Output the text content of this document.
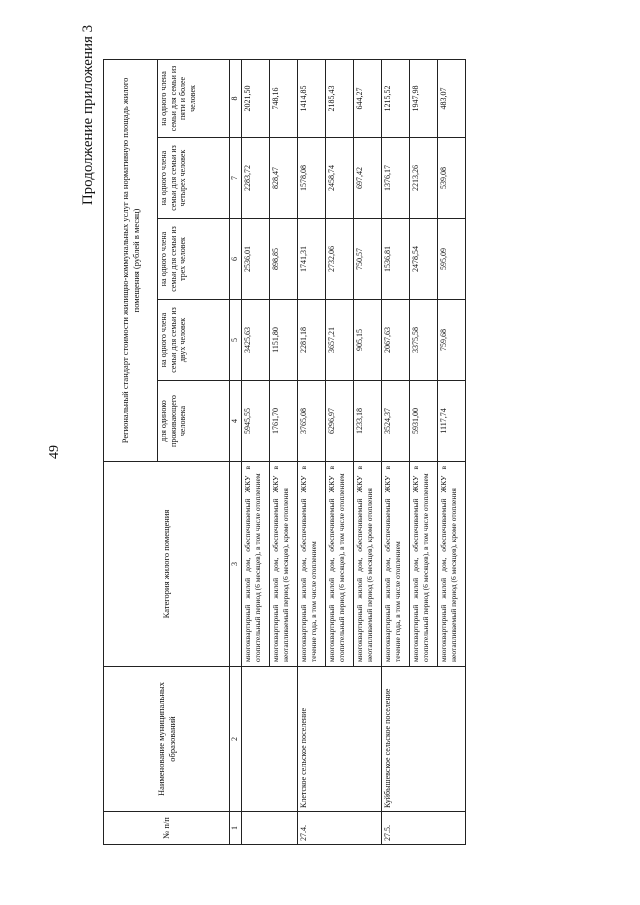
49
Продолжение приложения 3
№ п/п	Наименование муниципальных образований	Категория жилого помещения	Региональный стандарт стоимости жилищно-коммунальных услуг на нормативную площадь жилого помещения (рублей в месяц)				
			для одиноко проживающего человека	на одного члена семьи для семьи из двух человек	на одного члена семьи для семьи из трех человек	на одного члена семьи для семьи из четырех человек	на одного члена семьи для семьи из пяти и более человек
1	2	3	4	5	6	7	8
		многоквартирный жилой дом, обеспечиваемый ЖКУ в отопительный период (6 месяцев), в том числе отоплением	5945,55	3425,63	2536,01	2283,72	2021,50
		многоквартирный жилой дом, обеспечиваемый ЖКУ в неотапливаемый период (6 месяцев), кроме отопления	1761,70	1151,80	898,85	828,47	748,16
27.4.	Клетское сельское поселение	многоквартирный жилой дом, обеспечиваемый ЖКУ в течение года, в том числе отоплением	3765,08	2281,18	1741,31	1578,08	1414,85
		многоквартирный жилой дом, обеспечиваемый ЖКУ в отопительный период (6 месяцев), в том числе отоплением	6296,97	3657,21	2732,06	2458,74	2185,43
		многоквартирный жилой дом, обеспечиваемый ЖКУ в неотапливаемый период (6 месяцев), кроме отопления	1233,18	905,15	750,57	697,42	644,27
27.5.	Куйбышевское сельское поселение	многоквартирный жилой дом, обеспечиваемый ЖКУ в течение года, в том числе отоплением	3524,37	2067,63	1536,81	1376,17	1215,52
		многоквартирный жилой дом, обеспечиваемый ЖКУ в отопительный период (6 месяцев), в том числе отоплением	5931,00	3375,58	2478,54	2213,26	1947,98
		многоквартирный жилой дом, обеспечиваемый ЖКУ в неотапливаемый период (6 месяцев), кроме отопления	1117,74	759,68	595,09	539,08	483,07
